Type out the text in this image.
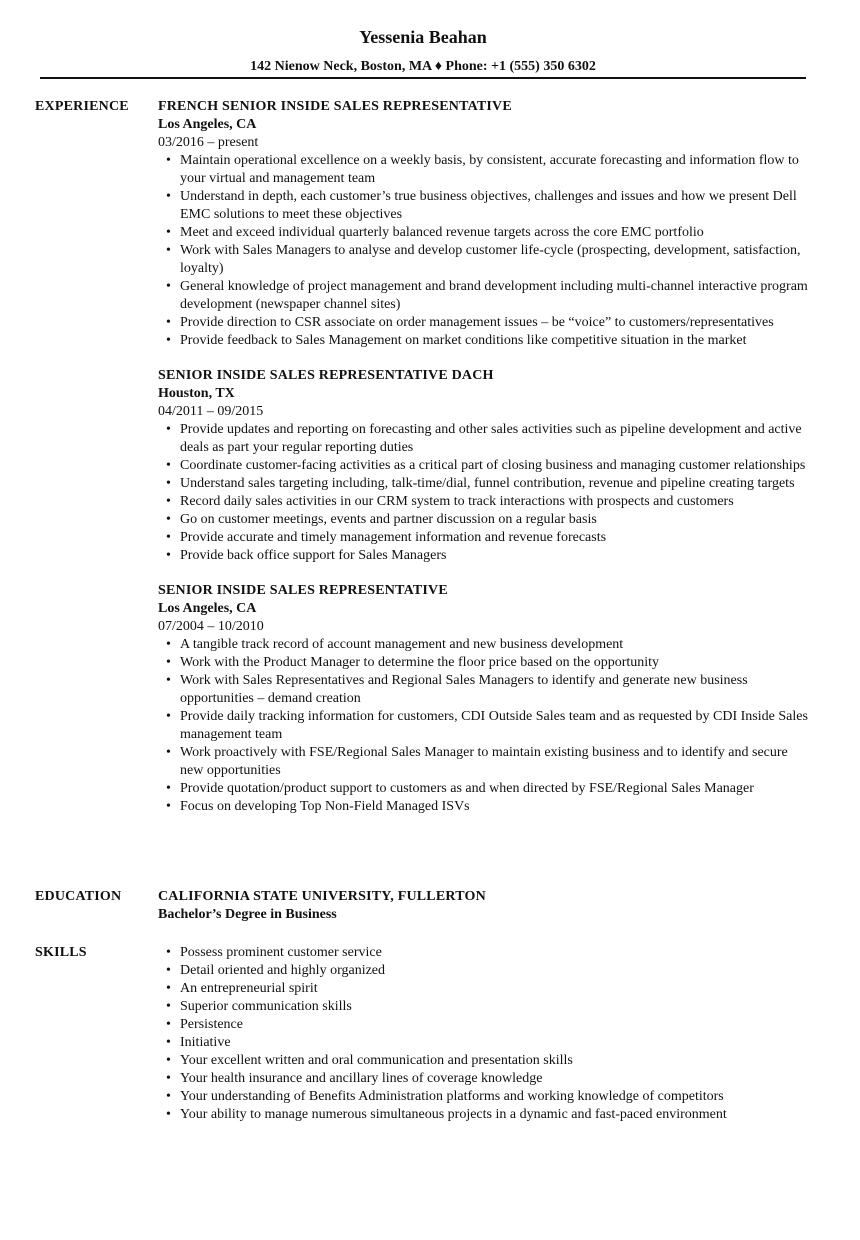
Yessenia Beahan
142 Nienow Neck, Boston, MA ♦ Phone: +1 (555) 350 6302
EXPERIENCE	FRENCH SENIOR INSIDE SALES REPRESENTATIVE
Los Angeles, CA
03/2016 – present
• Maintain operational excellence on a weekly basis, by consistent, accurate forecasting and information flow to your virtual and management team
• Understand in depth, each customer’s true business objectives, challenges and issues and how we present Dell EMC solutions to meet these objectives
• Meet and exceed individual quarterly balanced revenue targets across the core EMC portfolio
• Work with Sales Managers to analyse and develop customer life-cycle (prospecting, development, satisfaction, loyalty)
• General knowledge of project management and brand development including multi-channel interactive program development (newspaper channel sites)
• Provide direction to CSR associate on order management issues – be “voice” to customers/representatives
• Provide feedback to Sales Management on market conditions like competitive situation in the market
SENIOR INSIDE SALES REPRESENTATIVE DACH
Houston, TX
04/2011 – 09/2015
• Provide updates and reporting on forecasting and other sales activities such as pipeline development and active deals as part your regular reporting duties
• Coordinate customer-facing activities as a critical part of closing business and managing customer relationships
• Understand sales targeting including, talk-time/dial, funnel contribution, revenue and pipeline creating targets
• Record daily sales activities in our CRM system to track interactions with prospects and customers
• Go on customer meetings, events and partner discussion on a regular basis
• Provide accurate and timely management information and revenue forecasts
• Provide back office support for Sales Managers
SENIOR INSIDE SALES REPRESENTATIVE
Los Angeles, CA
07/2004 – 10/2010
• A tangible track record of account management and new business development
• Work with the Product Manager to determine the floor price based on the opportunity
• Work with Sales Representatives and Regional Sales Managers to identify and generate new business opportunities – demand creation
• Provide daily tracking information for customers, CDI Outside Sales team and as requested by CDI Inside Sales management team
• Work proactively with FSE/Regional Sales Manager to maintain existing business and to identify and secure new opportunities
• Provide quotation/product support to customers as and when directed by FSE/Regional Sales Manager
• Focus on developing Top Non-Field Managed ISVs
EDUCATION	CALIFORNIA STATE UNIVERSITY, FULLERTON
Bachelor’s Degree in Business
SKILLS
•	Possess prominent customer service
• Detail oriented and highly organized
• An entrepreneurial spirit
• Superior communication skills
• Persistence
• Initiative
• Your excellent written and oral communication and presentation skills
• Your health insurance and ancillary lines of coverage knowledge
• Your understanding of Benefits Administration platforms and working knowledge of competitors
• Your ability to manage numerous simultaneous projects in a dynamic and fast-paced environment
